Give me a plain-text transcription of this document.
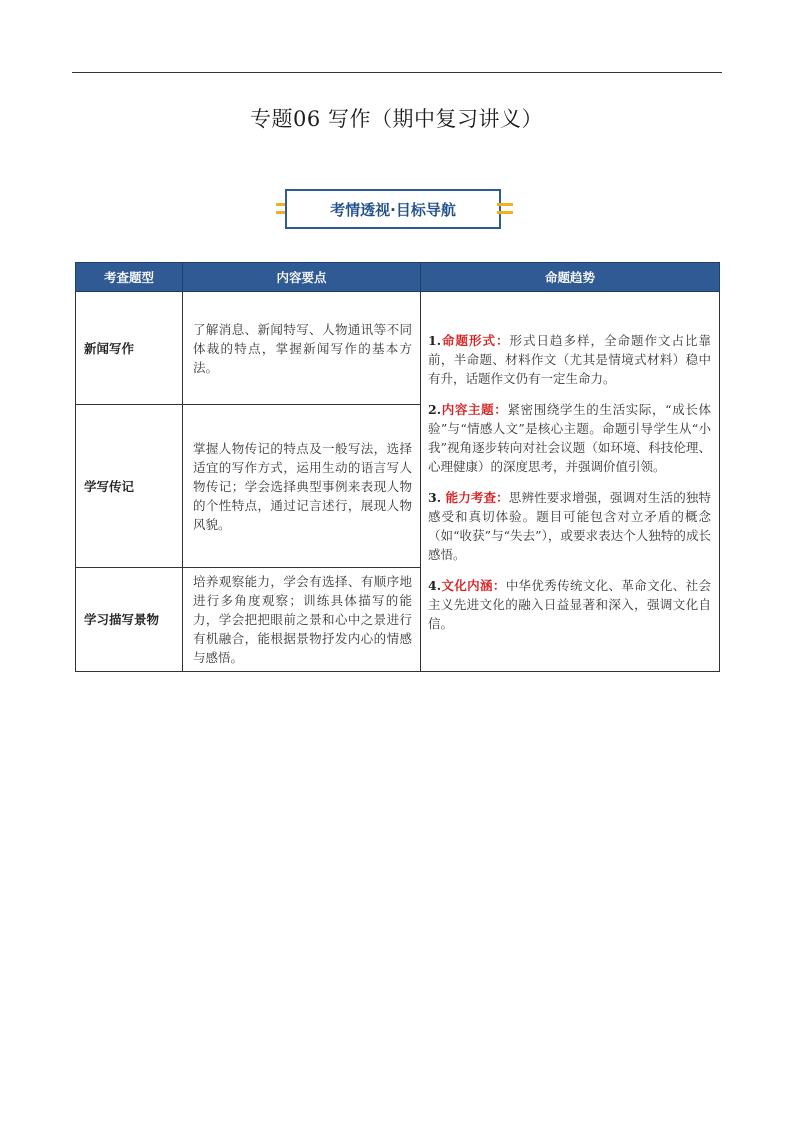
专题06 写作（期中复习讲义）
考情透视·目标导航
考查题型	内容要点	命题趋势
新闻写作	了解消息、新闻特写、人物通讯等不同体裁的特点，掌握新闻写作的基本方法。	1.命题形式：形式日趋多样，全命题作文占比靠前，半命题、材料作文（尤其是情境式材料）稳中有升，话题作文仍有一定生命力。

2.内容主题：紧密围绕学生的生活实际，“成长体验”与“情感人文”是核心主题。命题引导学生从“小我”视角逐步转向对社会议题（如环境、科技伦理、心理健康）的深度思考，并强调价值引领。

3. 能力考查：思辨性要求增强，强调对生活的独特感受和真切体验。题目可能包含对立矛盾的概念（如“收获”与“失去”），或要求表达个人独特的成长感悟。

4.文化内涵：中华优秀传统文化、革命文化、社会主义先进文化的融入日益显著和深入，强调文化自信。

学写传记	掌握人物传记的特点及一般写法，选择适宜的写作方式，运用生动的语言写人物传记；学会选择典型事例来表现人物的个性特点，通过记言述行，展现人物风貌。	
学习描写景物	培养观察能力，学会有选择、有顺序地进行多角度观察；训练具体描写的能力，学会把把眼前之景和心中之景进行有机融合，能根据景物抒发内心的情感与感悟。	
